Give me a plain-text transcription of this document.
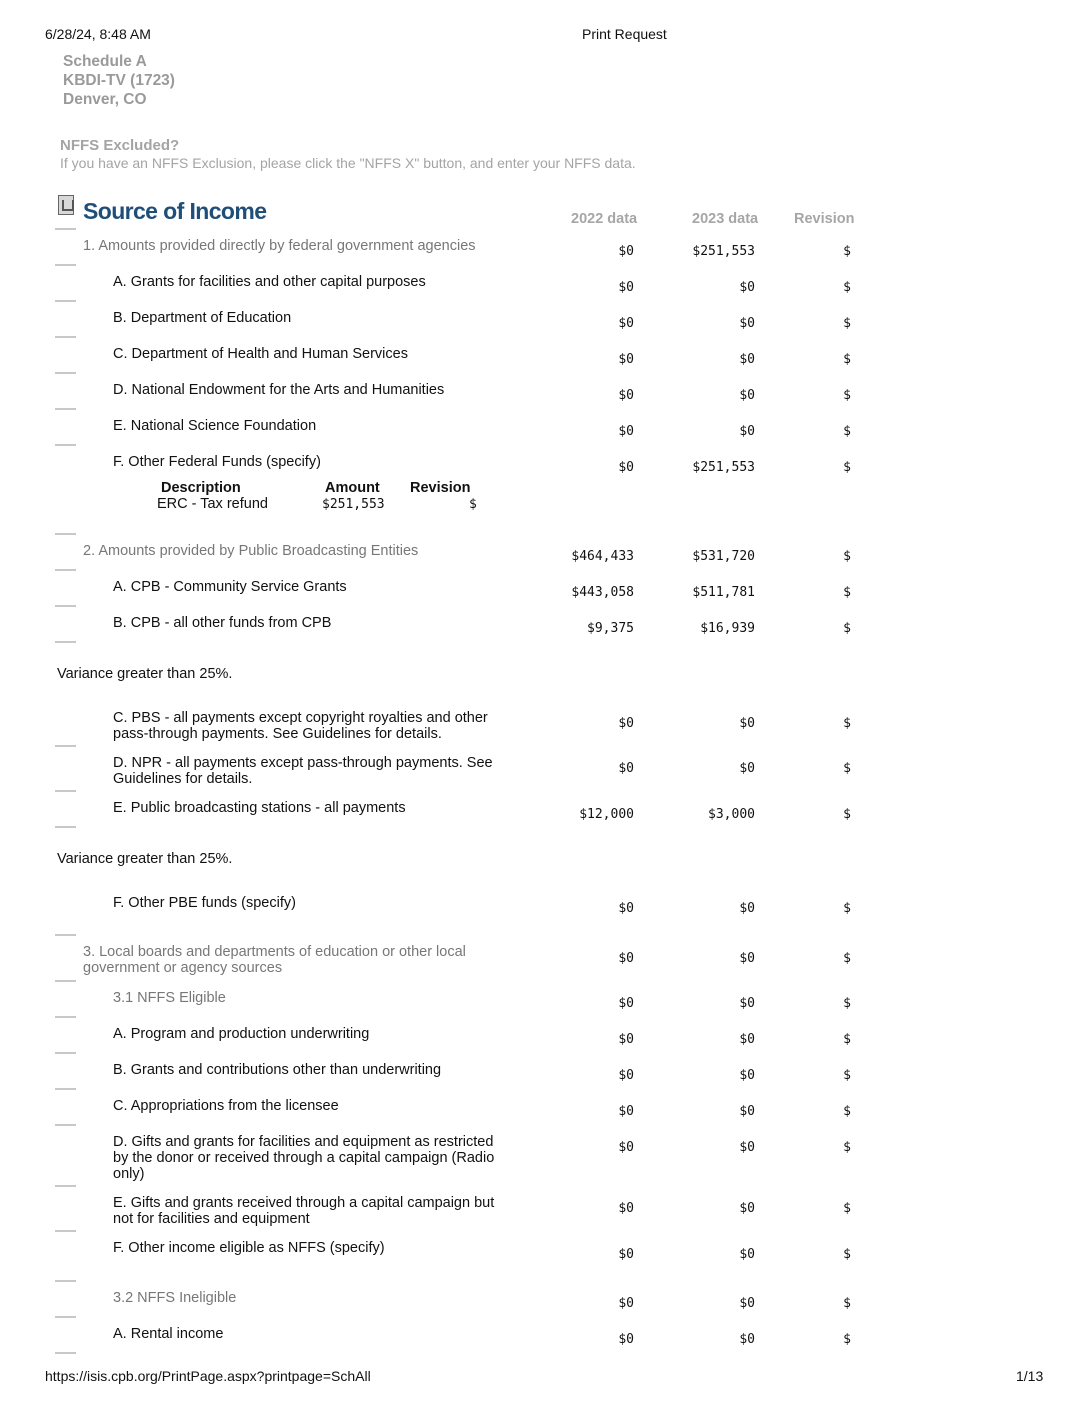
6/28/24, 8:48 AM	Print Request
Schedule A
KBDI-TV (1723)
Denver, CO
NFFS Excluded?
If you have an NFFS Exclusion, please click the "NFFS X" button, and enter your NFFS data.
Source of Income	2022 data	2023 data Revision
1. Amounts provided directly by federal government agencies	$0	$251,553	$
A. Grants for facilities and other capital purposes	$0	$0	$
B. Department of Education	$0	$0	$
C. Department of Health and Human Services	$0	$0	$
D. National Endowment for the Arts and Humanities	$0	$0	$
E. National Science Foundation	$0	$0	$
F. Other Federal Funds (specify)	$0	$251,553	$
Description	Amount Revision
ERC - Tax refund	$251,553	$
2. Amounts provided by Public Broadcasting Entities	$464,433	$531,720	$
A. CPB - Community Service Grants	$443,058	$511,781	$
B. CPB - all other funds from CPB	$9,375	$16,939	$
Variance greater than 25%.
C. PBS - all payments except copyright royalties and other pass-through payments. See Guidelines for details.
$0	$0	$
D. NPR - all payments except pass-through payments. See Guidelines for details.
$0	$0	$
E. Public broadcasting stations - all payments	$12,000	$3,000	$
Variance greater than 25%.
F. Other PBE funds (specify)	$0	$0	$
3. Local boards and departments of education or other local government or agency sources
$0	$0	$
3.1 NFFS Eligible	$0	$0	$
A. Program and production underwriting	$0	$0	$
B. Grants and contributions other than underwriting	$0	$0	$
C. Appropriations from the licensee	$0	$0	$
D. Gifts and grants for facilities and equipment as restricted by the donor or received through a capital campaign (Radio only)
$0	$0	$
E. Gifts and grants received through a capital campaign but not for facilities and equipment
$0	$0	$
F. Other income eligible as NFFS (specify)	$0	$0	$
3.2 NFFS Ineligible	$0	$0	$
A. Rental income	$0	$0	$
https://isis.cpb.org/PrintPage.aspx?printpage=SchAll	1/13
